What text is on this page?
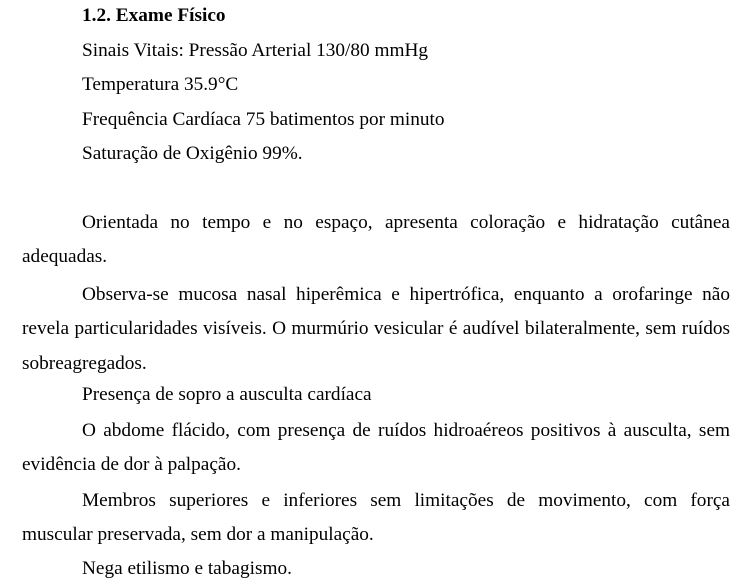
1.2. Exame Físico
Sinais Vitais: Pressão Arterial 130/80 mmHg
Temperatura 35.9°C
Frequência Cardíaca 75 batimentos por minuto
Saturação de Oxigênio 99%.

Orientada no tempo e no espaço, apresenta coloração e hidratação cutânea adequadas.

Observa-se mucosa nasal hiperêmica e hipertrófica, enquanto a orofaringe não revela particularidades visíveis. O murmúrio vesicular é audível bilateralmente, sem ruídos sobreagregados.

Presença de sopro a ausculta cardíaca

O abdome flácido, com presença de ruídos hidroaéreos positivos à ausculta, sem evidência de dor à palpação.

Membros superiores e inferiores sem limitações de movimento, com força muscular preservada, sem dor a manipulação.

Nega etilismo e tabagismo.
